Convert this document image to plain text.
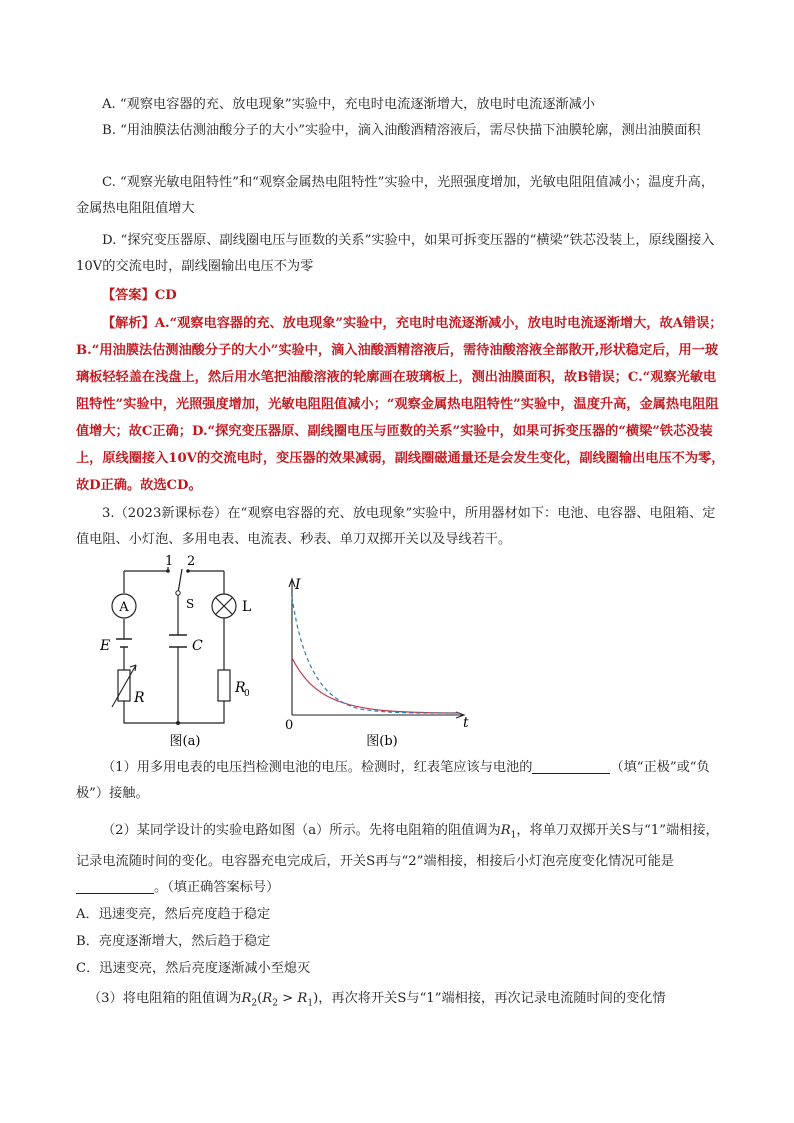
A. “观察电容器的充、放电现象”实验中，充电时电流逐渐增大，放电时电流逐渐减小

B. “用油膜法估测油酸分子的大小”实验中，滴入油酸酒精溶液后，需尽快描下油膜轮廓，测出油膜面积

C. “观察光敏电阻特性”和“观察金属热电阻特性”实验中，光照强度增加，光敏电阻阻值减小；温度升高，金属热电阻阻值增大

D. “探究变压器原、副线圈电压与匝数的关系”实验中，如果可拆变压器的“横梁”铁芯没装上，原线圈接入10V的交流电时，副线圈输出电压不为零

【答案】CD

【解析】A.“观察电容器的充、放电现象”实验中，充电时电流逐渐减小，放电时电流逐渐增大，故A错误；B.“用油膜法估测油酸分子的大小”实验中，滴入油酸酒精溶液后，需待油酸溶液全部散开,形状稳定后，用一玻璃板轻轻盖在浅盘上，然后用水笔把油酸溶液的轮廓画在玻璃板上，测出油膜面积，故B错误；C.“观察光敏电阻特性”实验中，光照强度增加，光敏电阻阻值减小；“观察金属热电阻特性”实验中，温度升高，金属热电阻阻值增大；故C正确；D.“探究变压器原、副线圈电压与匝数的关系”实验中，如果可拆变压器的“横梁”铁芯没装上，原线圈接入10V的交流电时，变压器的效果减弱，副线圈磁通量还是会发生变化，副线圈输出电压不为零，故D正确。故选CD。

3.（2023新课标卷）在“观察电容器的充、放电现象”实验中，所用器材如下：电池、电容器、电阻箱、定值电阻、小灯泡、多用电表、电流表、秒表、单刀双掷开关以及导线若干。

A	L
E	C
R
R
0
1 2
S
图(a)
I
t
0
图(b)

（1）用多用电表的电压挡检测电池的电压。检测时，红表笔应该与电池的	（填“正极”或“负极”）接触。

（2）某同学设计的实验电路如图（a）所示。先将电阻箱的阻值调为$R_1$，将单刀双掷开关S与“1”端相接，记录电流随时间的变化。电容器充电完成后，开关S再与“2”端相接，相接后小灯泡亮度变化情况可能是。（填正确答案标号）

A．迅速变亮，然后亮度趋于稳定

B．亮度逐渐增大，然后趋于稳定

C．迅速变亮，然后亮度逐渐减小至熄灭

（3）将电阻箱的阻值调为$R_2(R_2 > R_1)$，再次将开关S与“1”端相接，再次记录电流随时间的变化情
